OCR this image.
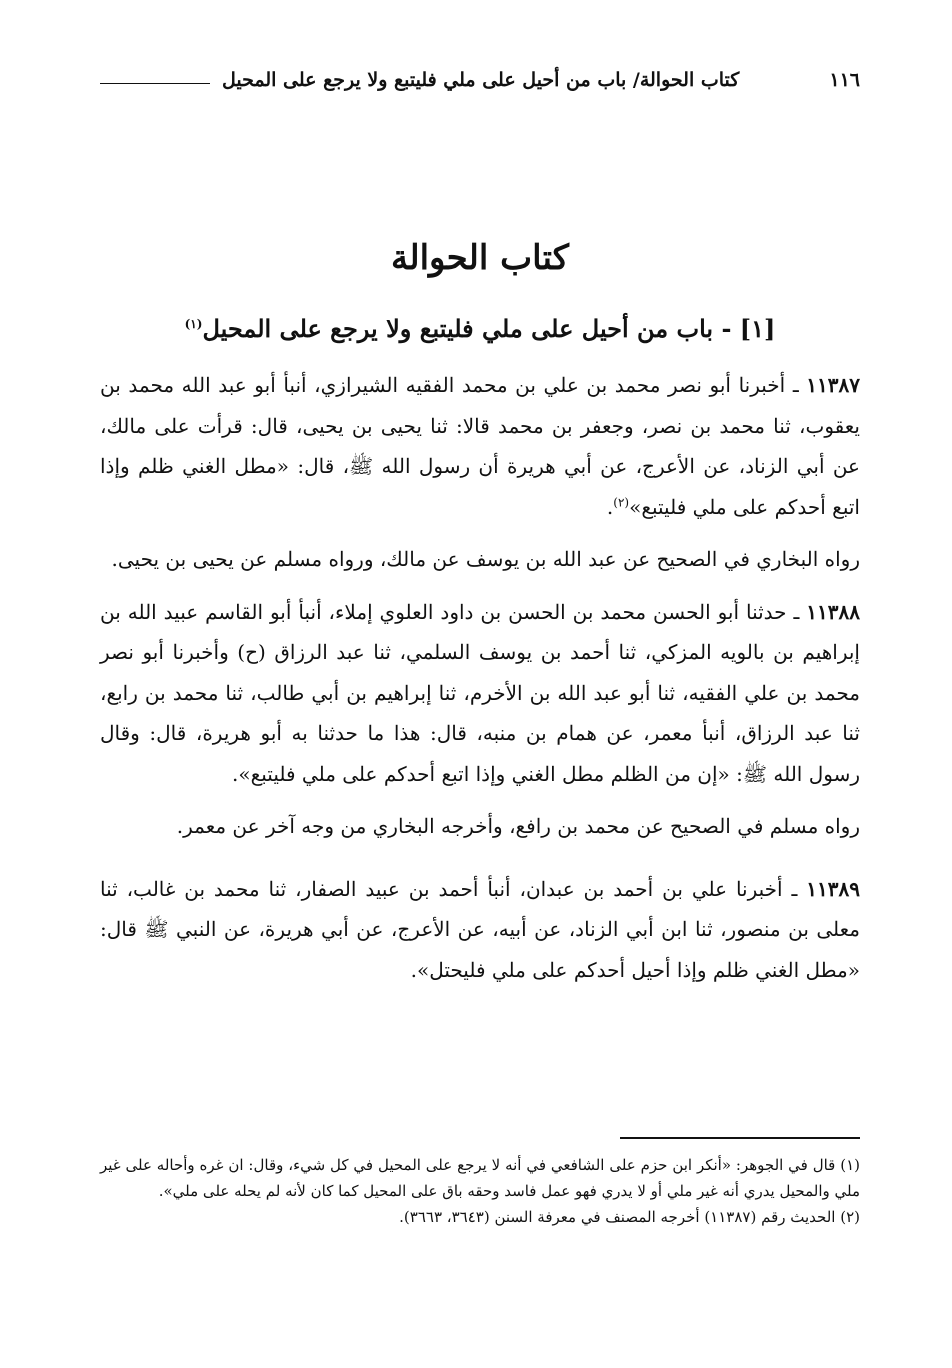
١١٦
كتاب الحوالة/ باب من أحيل على ملي فليتبع ولا يرجع على المحيل
كتاب الحوالة
[١] - باب من أحيل على ملي فليتبع ولا يرجع على المحيل$^{(١)}$

١١٣٨٧ ـ أخبرنا أبو نصر محمد بن علي بن محمد الفقيه الشيرازي، أنبأ أبو عبد الله محمد بن يعقوب، ثنا محمد بن نصر، وجعفر بن محمد قالا: ثنا يحيى بن يحيى، قال: قرأت على مالك، عن أبي الزناد، عن الأعرج، عن أبي هريرة أن رسول الله ﷺ، قال: «مطل الغني ظلم وإذا اتبع أحدكم على ملي فليتبع»$^{(٢)}$.

رواه البخاري في الصحيح عن عبد الله بن يوسف عن مالك، ورواه مسلم عن يحيى بن يحيى.

١١٣٨٨ ـ حدثنا أبو الحسن محمد بن الحسن بن داود العلوي إملاء، أنبأ أبو القاسم عبيد الله بن إبراهيم بن بالويه المزكي، ثنا أحمد بن يوسف السلمي، ثنا عبد الرزاق (ح) وأخبرنا أبو نصر محمد بن علي الفقيه، ثنا أبو عبد الله بن الأخرم، ثنا إبراهيم بن أبي طالب، ثنا محمد بن رابع، ثنا عبد الرزاق، أنبأ معمر، عن همام بن منبه، قال: هذا ما حدثنا به أبو هريرة، قال: وقال رسول الله ﷺ: «إن من الظلم مطل الغني وإذا اتبع أحدكم على ملي فليتبع».

رواه مسلم في الصحيح عن محمد بن رافع، وأخرجه البخاري من وجه آخر عن معمر.

١١٣٨٩ ـ أخبرنا علي بن أحمد بن عبدان، أنبأ أحمد بن عبيد الصفار، ثنا محمد بن غالب، ثنا معلى بن منصور، ثنا ابن أبي الزناد، عن أبيه، عن الأعرج، عن أبي هريرة، عن النبي ﷺ قال: «مطل الغني ظلم وإذا أحيل أحدكم على ملي فليحتل».

(١) قال في الجوهر: «أنكر ابن حزم على الشافعي في أنه لا يرجع على المحيل في كل شيء، وقال: ان غره وأحاله على غير ملي والمحيل يدري أنه غير ملي أو لا يدري فهو عمل فاسد وحقه باق على المحيل كما كان لأنه لم يحله على ملي».

(٢) الحديث رقم (١١٣٨٧) أخرجه المصنف في معرفة السنن (٣٦٤٣، ٣٦٦٣).
